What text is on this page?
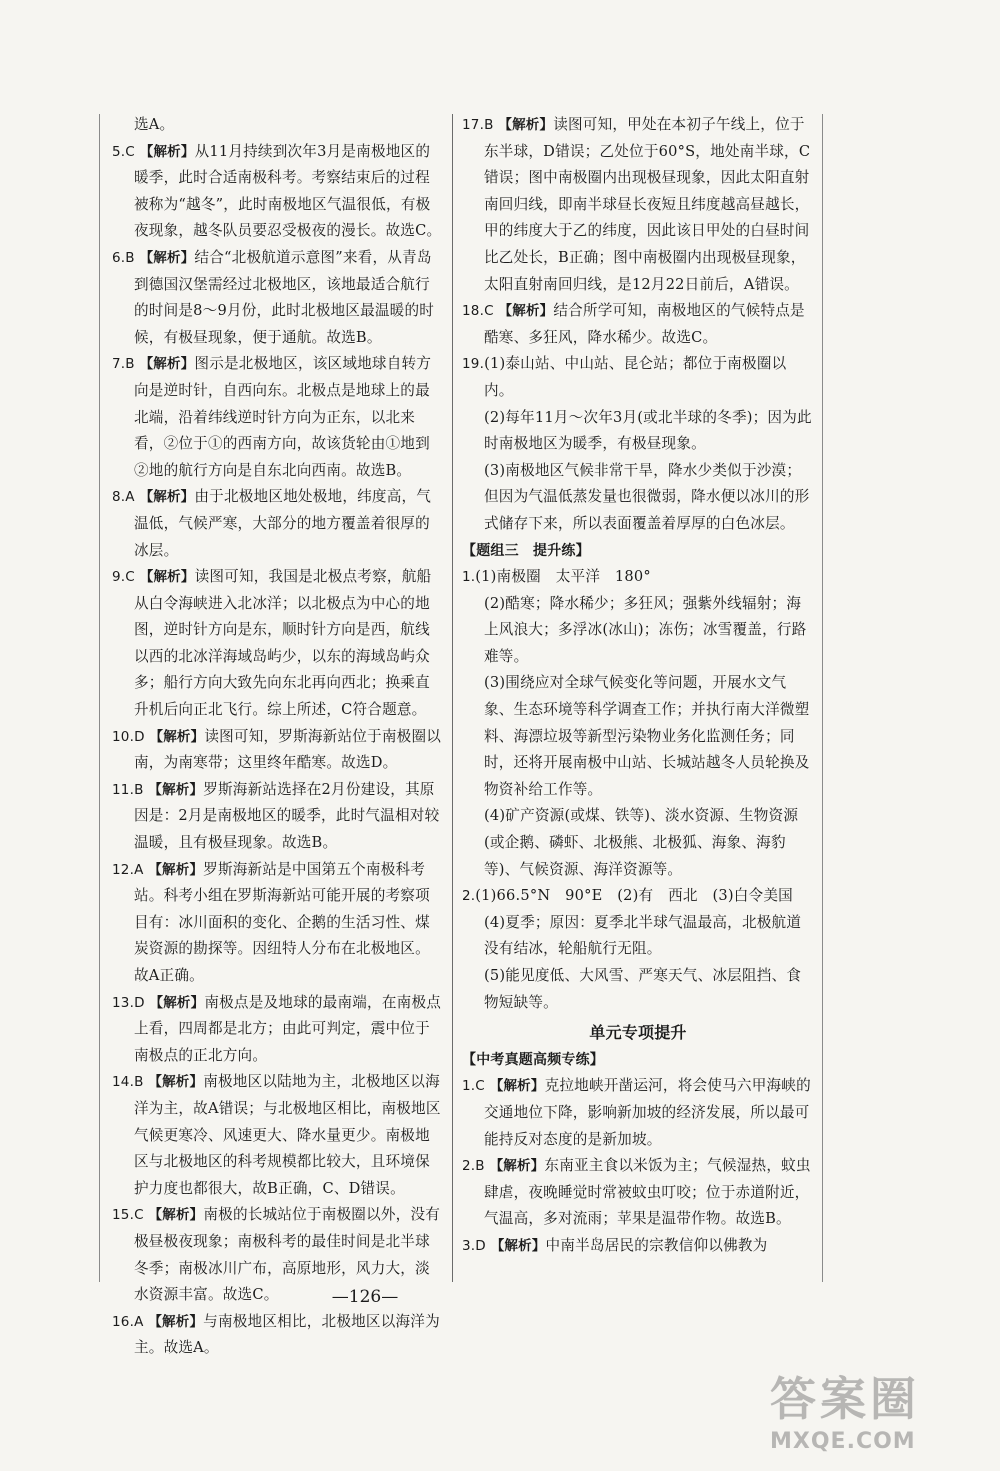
选A。

5.C 【解析】从11月持续到次年3月是南极地区的暖季，此时合适南极科考。考察结束后的过程被称为“越冬”，此时南极地区气温很低，有极夜现象，越冬队员要忍受极夜的漫长。故选C。

6.B 【解析】结合“北极航道示意图”来看，从青岛到德国汉堡需经过北极地区，该地最适合航行的时间是8～9月份，此时北极地区最温暖的时候，有极昼现象，便于通航。故选B。

7.B 【解析】图示是北极地区，该区域地球自转方向是逆时针，自西向东。北极点是地球上的最北端，沿着纬线逆时针方向为正东，以北来看，②位于①的西南方向，故该货轮由①地到②地的航行方向是自东北向西南。故选B。

8.A 【解析】由于北极地区地处极地，纬度高，气温低，气候严寒，大部分的地方覆盖着很厚的冰层。

9.C 【解析】读图可知，我国是北极点考察，航船从白令海峡进入北冰洋；以北极点为中心的地图，逆时针方向是东，顺时针方向是西，航线以西的北冰洋海域岛屿少，以东的海域岛屿众多；船行方向大致先向东北再向西北；换乘直升机后向正北飞行。综上所述，C符合题意。

10.D 【解析】读图可知，罗斯海新站位于南极圈以南，为南寒带；这里终年酷寒。故选D。

11.B 【解析】罗斯海新站选择在2月份建设，其原因是：2月是南极地区的暖季，此时气温相对较温暖，且有极昼现象。故选B。

12.A 【解析】罗斯海新站是中国第五个南极科考站。科考小组在罗斯海新站可能开展的考察项目有：冰川面积的变化、企鹅的生活习性、煤炭资源的勘探等。因纽特人分布在北极地区。故A正确。

13.D 【解析】南极点是及地球的最南端，在南极点上看，四周都是北方；由此可判定，震中位于南极点的正北方向。

14.B 【解析】南极地区以陆地为主，北极地区以海洋为主，故A错误；与北极地区相比，南极地区气候更寒冷、风速更大、降水量更少。南极地区与北极地区的科考规模都比较大，且环境保护力度也都很大，故B正确，C、D错误。

15.C 【解析】南极的长城站位于南极圈以外，没有极昼极夜现象；南极科考的最佳时间是北半球冬季；南极冰川广布，高原地形，风力大，淡水资源丰富。故选C。

16.A 【解析】与南极地区相比，北极地区以海洋为主。故选A。

17.B 【解析】读图可知，甲处在本初子午线上，位于东半球，D错误；乙处位于60°S，地处南半球，C错误；图中南极圈内出现极昼现象，因此太阳直射南回归线，即南半球昼长夜短且纬度越高昼越长，甲的纬度大于乙的纬度，因此该日甲处的白昼时间比乙处长，B正确；图中南极圈内出现极昼现象，太阳直射南回归线，是12月22日前后，A错误。

18.C 【解析】结合所学可知，南极地区的气候特点是酷寒、多狂风，降水稀少。故选C。

19.(1)泰山站、中山站、昆仑站；都位于南极圈以内。

(2)每年11月～次年3月(或北半球的冬季)；因为此时南极地区为暖季，有极昼现象。

(3)南极地区气候非常干旱，降水少类似于沙漠；但因为气温低蒸发量也很微弱，降水便以冰川的形式储存下来，所以表面覆盖着厚厚的白色冰层。

【题组三　提升练】

1.(1)南极圈　太平洋　180°

(2)酷寒；降水稀少；多狂风；强紫外线辐射；海上风浪大；多浮冰(冰山)；冻伤；冰雪覆盖，行路难等。

(3)围绕应对全球气候变化等问题，开展水文气象、生态环境等科学调查工作；并执行南大洋微塑料、海漂垃圾等新型污染物业务化监测任务；同时，还将开展南极中山站、长城站越冬人员轮换及物资补给工作等。

(4)矿产资源(或煤、铁等)、淡水资源、生物资源(或企鹅、磷虾、北极熊、北极狐、海象、海豹等)、气候资源、海洋资源等。

2.(1)66.5°N　90°E　(2)有　西北　(3)白令美国

(4)夏季；原因：夏季北半球气温最高，北极航道没有结冰，轮船航行无阻。

(5)能见度低、大风雪、严寒天气、冰层阻挡、食物短缺等。

单元专项提升

【中考真题高频专练】

1.C 【解析】克拉地峡开凿运河，将会使马六甲海峡的交通地位下降，影响新加坡的经济发展，所以最可能持反对态度的是新加坡。

2.B 【解析】东南亚主食以米饭为主；气候湿热，蚊虫肆虐，夜晚睡觉时常被蚊虫叮咬；位于赤道附近，气温高，多对流雨；苹果是温带作物。故选B。

3.D 【解析】中南半岛居民的宗教信仰以佛教为

—126—
答案圈
MXQE.COM
